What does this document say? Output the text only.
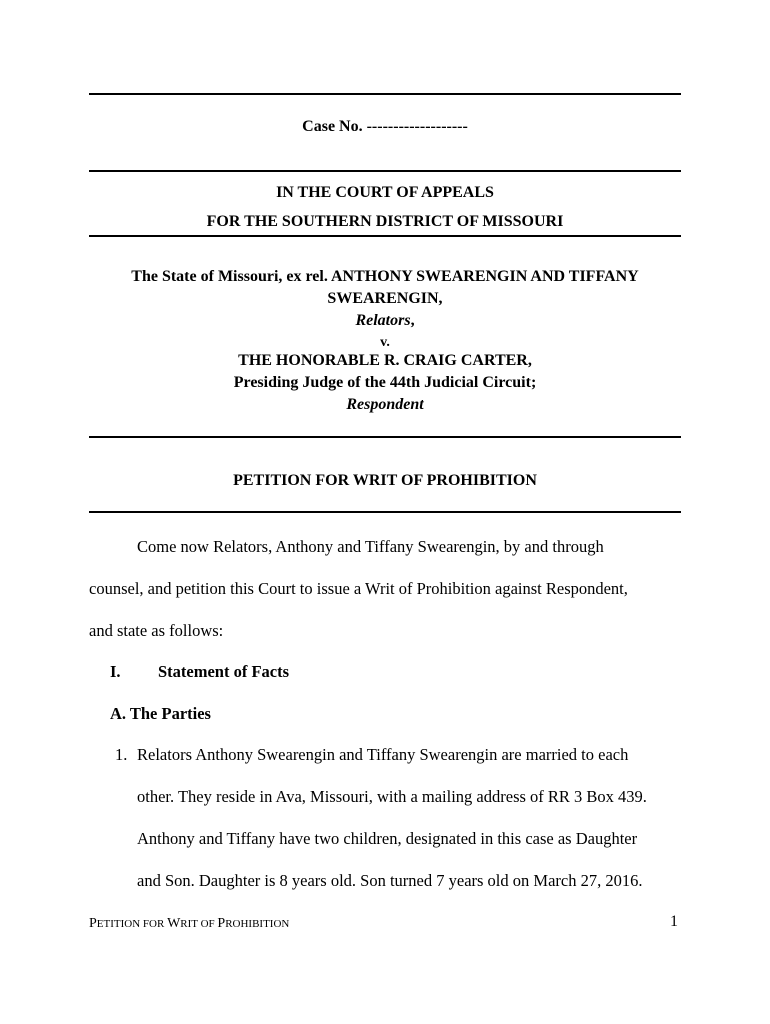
Case No. -------------------
IN THE COURT OF APPEALS
FOR THE SOUTHERN DISTRICT OF MISSOURI
The State of Missouri, ex rel. ANTHONY SWEARENGIN AND TIFFANY
SWEARENGIN,
Relators,
v.
THE HONORABLE R. CRAIG CARTER,
Presiding Judge of the 44th Judicial Circuit;
Respondent
PETITION FOR WRIT OF PROHIBITION
Come now Relators, Anthony and Tiffany Swearengin, by and through
counsel, and petition this Court to issue a Writ of Prohibition against Respondent,
and state as follows:
I. Statement of Facts
A. The Parties
1. Relators Anthony Swearengin and Tiffany Swearengin are married to each
other. They reside in Ava, Missouri, with a mailing address of RR 3 Box 439.
Anthony and Tiffany have two children, designated in this case as Daughter
and Son. Daughter is 8 years old. Son turned 7 years old on March 27, 2016.
PETITION FOR WRIT OF PROHIBITION	1
